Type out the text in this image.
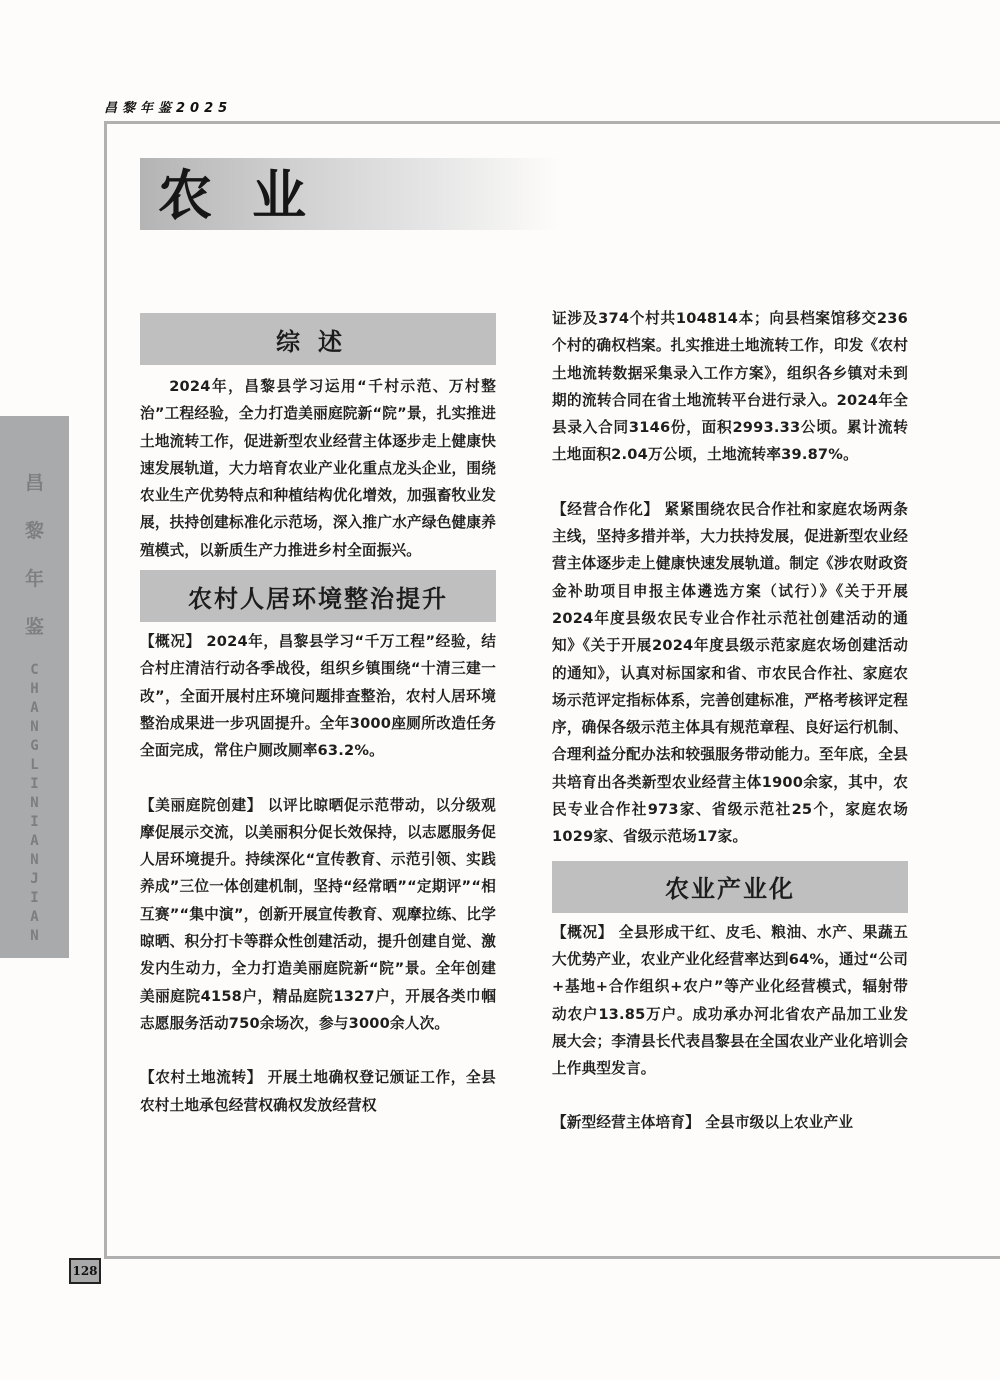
昌黎年鉴2025
昌
黎
年
鉴
CHANGLINIANJIAN
农业
综述

2024年，昌黎县学习运用“千村示范、万村整治”工程经验，全力打造美丽庭院新“院”景，扎实推进土地流转工作，促进新型农业经营主体逐步走上健康快速发展轨道，大力培育农业产业化重点龙头企业，围绕农业生产优势特点和种植结构优化增效，加强畜牧业发展，扶持创建标准化示范场，深入推广水产绿色健康养殖模式，以新质生产力推进乡村全面振兴。

农村人居环境整治提升

【概况】 2024年，昌黎县学习“千万工程”经验，结合村庄清洁行动各季战役，组织乡镇围绕“十清三建一改”，全面开展村庄环境问题排查整治，农村人居环境整治成果进一步巩固提升。全年3000座厕所改造任务全面完成，常住户厕改厕率63.2%。

【美丽庭院创建】 以评比晾晒促示范带动，以分级观摩促展示交流，以美丽积分促长效保持，以志愿服务促人居环境提升。持续深化“宣传教育、示范引领、实践养成”三位一体创建机制，坚持“经常晒”“定期评”“相互赛”“集中演”，创新开展宣传教育、观摩拉练、比学晾晒、积分打卡等群众性创建活动，提升创建自觉、激发内生动力，全力打造美丽庭院新“院”景。全年创建美丽庭院4158户，精品庭院1327户，开展各类巾帼志愿服务活动750余场次，参与3000余人次。

【农村土地流转】 开展土地确权登记颁证工作，全县农村土地承包经营权确权发放经营权

证涉及374个村共104814本；向县档案馆移交236个村的确权档案。扎实推进土地流转工作，印发《农村土地流转数据采集录入工作方案》，组织各乡镇对未到期的流转合同在省土地流转平台进行录入。2024年全县录入合同3146份，面积2993.33公顷。累计流转土地面积2.04万公顷，土地流转率39.87%。

【经营合作化】 紧紧围绕农民合作社和家庭农场两条主线，坚持多措并举，大力扶持发展，促进新型农业经营主体逐步走上健康快速发展轨道。制定《涉农财政资金补助项目申报主体遴选方案（试行）》《关于开展2024年度县级农民专业合作社示范社创建活动的通知》《关于开展2024年度县级示范家庭农场创建活动的通知》，认真对标国家和省、市农民合作社、家庭农场示范评定指标体系，完善创建标准，严格考核评定程序，确保各级示范主体具有规范章程、良好运行机制、合理利益分配办法和较强服务带动能力。至年底，全县共培育出各类新型农业经营主体1900余家，其中，农民专业合作社973家、省级示范社25个，家庭农场1029家、省级示范场17家。

农业产业化

【概况】 全县形成干红、皮毛、粮油、水产、果蔬五大优势产业，农业产业化经营率达到64%，通过“公司+基地+合作组织+农户”等产业化经营模式，辐射带动农户13.85万户。成功承办河北省农产品加工业发展大会；李清县长代表昌黎县在全国农业产业化培训会上作典型发言。

【新型经营主体培育】 全县市级以上农业产业

128
